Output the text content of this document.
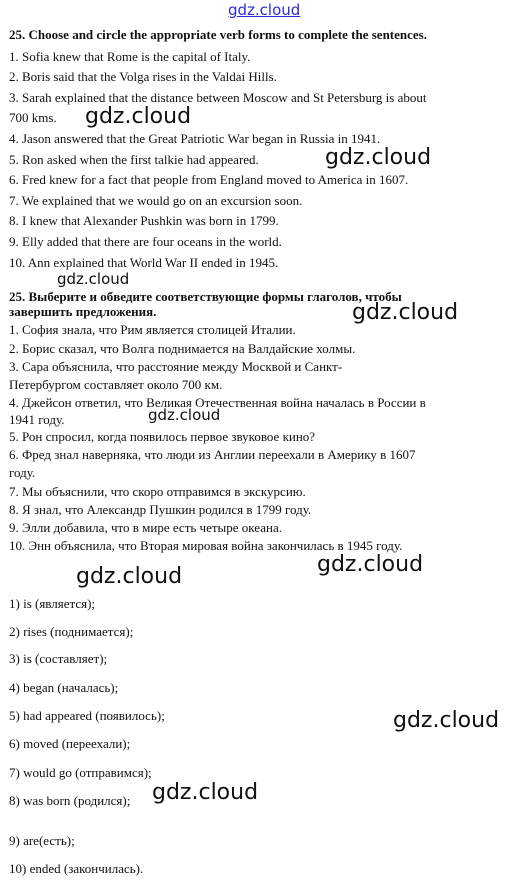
gdz.cloud
25. Choose and circle the appropriate verb forms to complete the sentences.
1. Sofia knew that Rome is the capital of Italy.
2. Boris said that the Volga rises in the Valdai Hills.
3. Sarah explained that the distance between Moscow and St Petersburg is about
700 kms.
4. Jason answered that the Great Patriotic War began in Russia in 1941.
5. Ron asked when the first talkie had appeared.
6. Fred knew for a fact that people from England moved to America in 1607.
7. We explained that we would go on an excursion soon.
8. I knew that Alexander Pushkin was born in 1799.
9. Elly added that there are four oceans in the world.
10. Ann explained that World War II ended in 1945.
25. Выберите и обведите соответствующие формы глаголов, чтобы
завершить предложения.
1. София знала, что Рим является столицей Италии.
2. Борис сказал, что Волга поднимается на Валдайские холмы.
3. Сара объяснила, что расстояние между Москвой и Санкт-
Петербургом составляет около 700 км.
4. Джейсон ответил, что Великая Отечественная война началась в России в
1941 году.
5. Рон спросил, когда появилось первое звуковое кино?
6. Фред знал наверняка, что люди из Англии переехали в Америку в 1607
году.
7. Мы объяснили, что скоро отправимся в экскурсию.
8. Я знал, что Александр Пушкин родился в 1799 году.
9. Элли добавила, что в мире есть четыре океана.
10. Энн объяснила, что Вторая мировая война закончилась в 1945 году.
1) is (является);
2) rises (поднимается);
3) is (составляет);
4) began (началась);
5) had appeared (появилось);
6) moved (переехали);
7) would go (отправимся);
8) was born (родился);
9) are(есть);
10) ended (закончилась).
gdz.cloud
gdz.cloud
gdz.cloud
gdz.cloud
gdz.cloud
gdz.cloud	gdz.cloud
gdz.cloud
gdz.cloud
